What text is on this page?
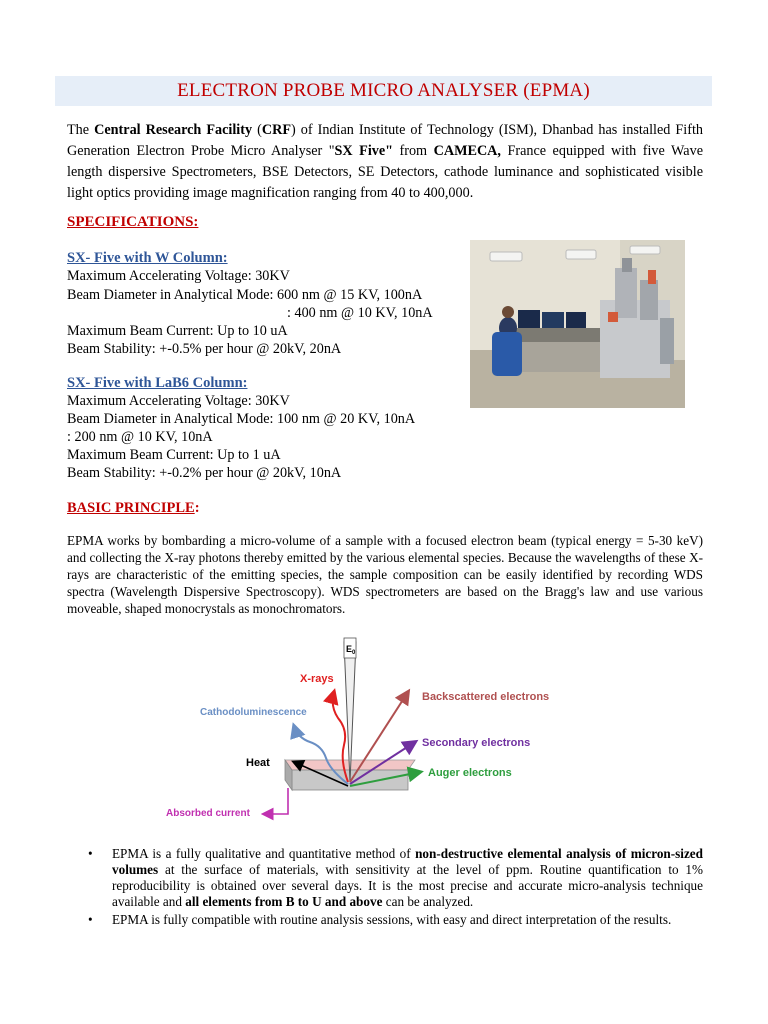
ELECTRON PROBE MICRO ANALYSER (EPMA)
The Central Research Facility (CRF) of Indian Institute of Technology (ISM), Dhanbad has installed Fifth Generation Electron Probe Micro Analyser "SX Five" from CAMECA, France equipped with five Wave length dispersive Spectrometers, BSE Detectors, SE Detectors, cathode luminance and sophisticated visible light optics providing image magnification ranging from 40 to 400,000.
SPECIFICATIONS:
SX- Five with W Column:
Maximum Accelerating Voltage: 30KV
Beam Diameter in Analytical Mode: 600 nm @ 15 KV, 100nA
: 400 nm @ 10 KV, 10nA
Maximum Beam Current: Up to 10 uA
Beam Stability: +-0.5% per hour @ 20kV, 20nA
SX- Five with LaB6 Column:
Maximum Accelerating Voltage: 30KV
Beam Diameter in Analytical Mode: 100 nm @ 20 KV, 10nA
: 200 nm @ 10 KV, 10nA
Maximum Beam Current: Up to 1 uA
Beam Stability: +-0.2% per hour @ 20kV, 10nA
BASIC PRINCIPLE:
EPMA works by bombarding a micro-volume of a sample with a focused electron beam (typical energy = 5-30 keV) and collecting the X-ray photons thereby emitted by the various elemental species. Because the wavelengths of these X-rays are characteristic of the emitting species, the sample composition can be easily identified by recording WDS spectra (Wavelength Dispersive Spectroscopy). WDS spectrometers are based on the Bragg's law and use various moveable, shaped monocrystals as monochromators.
$E_0$
X-rays
Backscattered electrons
Cathodoluminescence
Secondary electrons
Heat
Auger electrons
Absorbed current
• EPMA is a fully qualitative and quantitative method of non-destructive elemental analysis of micron-sized volumes at the surface of materials, with sensitivity at the level of ppm. Routine quantification to 1% reproducibility is obtained over several days. It is the most precise and accurate micro-analysis technique available and all elements from B to U and above can be analyzed.
• EPMA is fully compatible with routine analysis sessions, with easy and direct interpretation of the results.
